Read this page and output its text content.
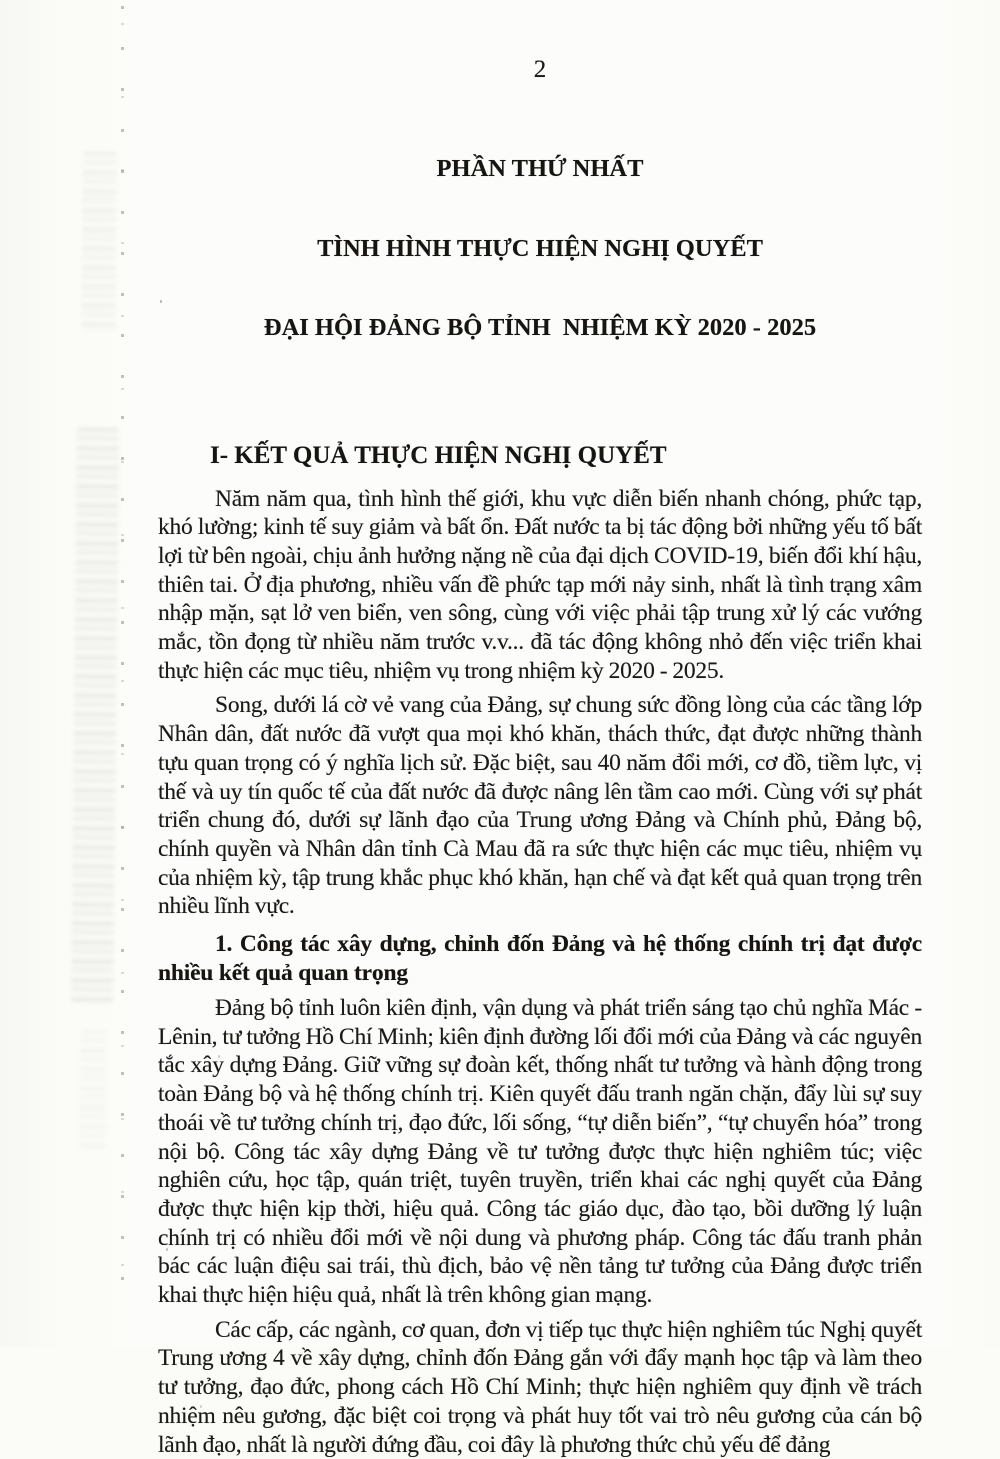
2

PHẦN THỨ NHẤT

TÌNH HÌNH THỰC HIỆN NGHỊ QUYẾT

ĐẠI HỘI ĐẢNG BỘ TỈNH  NHIỆM KỲ 2020 - 2025

I- KẾT QUẢ THỰC HIỆN NGHỊ QUYẾT

Năm năm qua, tình hình thế giới, khu vực diễn biến nhanh chóng, phức tạp, khó lường; kinh tế suy giảm và bất ổn. Đất nước ta bị tác động bởi những yếu tố bất lợi từ bên ngoài, chịu ảnh hưởng nặng nề của đại dịch COVID-19, biến đổi khí hậu, thiên tai. Ở địa phương, nhiều vấn đề phức tạp mới nảy sinh, nhất là tình trạng xâm nhập mặn, sạt lở ven biển, ven sông, cùng với việc phải tập trung xử lý các vướng mắc, tồn đọng từ nhiều năm trước v.v... đã tác động không nhỏ đến việc triển khai thực hiện các mục tiêu, nhiệm vụ trong nhiệm kỳ 2020 - 2025.

Song, dưới lá cờ vẻ vang của Đảng, sự chung sức đồng lòng của các tầng lớp Nhân dân, đất nước đã vượt qua mọi khó khăn, thách thức, đạt được những thành tựu quan trọng có ý nghĩa lịch sử. Đặc biệt, sau 40 năm đổi mới, cơ đồ, tiềm lực, vị thế và uy tín quốc tế của đất nước đã được nâng lên tầm cao mới. Cùng với sự phát triển chung đó, dưới sự lãnh đạo của Trung ương Đảng và Chính phủ, Đảng bộ, chính quyền và Nhân dân tỉnh Cà Mau đã ra sức thực hiện các mục tiêu, nhiệm vụ của nhiệm kỳ, tập trung khắc phục khó khăn, hạn chế và đạt kết quả quan trọng trên nhiều lĩnh vực.

1. Công tác xây dựng, chỉnh đốn Đảng và hệ thống chính trị đạt được nhiều kết quả quan trọng

Đảng bộ tỉnh luôn kiên định, vận dụng và phát triển sáng tạo chủ nghĩa Mác - Lênin, tư tưởng Hồ Chí Minh; kiên định đường lối đổi mới của Đảng và các nguyên tắc xây dựng Đảng. Giữ vững sự đoàn kết, thống nhất tư tưởng và hành động trong toàn Đảng bộ và hệ thống chính trị. Kiên quyết đấu tranh ngăn chặn, đẩy lùi sự suy thoái về tư tưởng chính trị, đạo đức, lối sống, “tự diễn biến”, “tự chuyển hóa” trong nội bộ. Công tác xây dựng Đảng về tư tưởng được thực hiện nghiêm túc; việc nghiên cứu, học tập, quán triệt, tuyên truyền, triển khai các nghị quyết của Đảng được thực hiện kịp thời, hiệu quả. Công tác giáo dục, đào tạo, bồi dưỡng lý luận chính trị có nhiều đổi mới về nội dung và phương pháp. Công tác đấu tranh phản bác các luận điệu sai trái, thù địch, bảo vệ nền tảng tư tưởng của Đảng được triển khai thực hiện hiệu quả, nhất là trên không gian mạng.

Các cấp, các ngành, cơ quan, đơn vị tiếp tục thực hiện nghiêm túc Nghị quyết Trung ương 4 về xây dựng, chỉnh đốn Đảng gắn với đẩy mạnh học tập và làm theo tư tưởng, đạo đức, phong cách Hồ Chí Minh; thực hiện nghiêm quy định về trách nhiệm nêu gương, đặc biệt coi trọng và phát huy tốt vai trò nêu gương của cán bộ lãnh đạo, nhất là người đứng đầu, coi đây là phương thức chủ yếu để đảng
